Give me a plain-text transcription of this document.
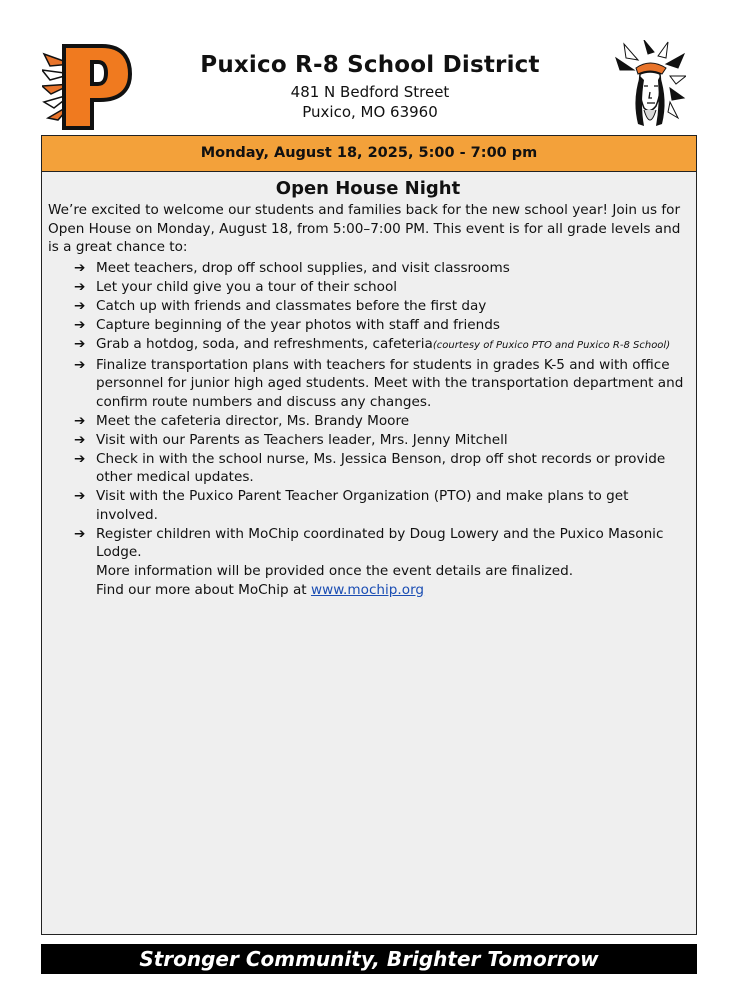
Puxico R-8 School District
481 N Bedford Street
Puxico, MO 63960
Monday, August 18, 2025, 5:00 - 7:00 pm
Open House Night

We’re excited to welcome our students and families back for the new school year! Join us for Open House on Monday, August 18, from 5:00–7:00 PM. This event is for all grade levels and is a great chance to:

➔ Meet teachers, drop off school supplies, and visit classrooms
➔ Let your child give you a tour of their school
➔ Catch up with friends and classmates before the first day
➔ Capture beginning of the year photos with staff and friends
➔ Grab a hotdog, soda, and refreshments, cafeteria(courtesy of Puxico PTO and Puxico R-8 School)
➔ Finalize transportation plans with teachers for students in grades K-5 and with office personnel for junior high aged students. Meet with the transportation department and confirm route numbers and discuss any changes.
➔ Meet the cafeteria director, Ms. Brandy Moore
➔ Visit with our Parents as Teachers leader, Mrs. Jenny Mitchell
➔ Check in with the school nurse, Ms. Jessica Benson, drop off shot records or provide other medical updates.
➔ Visit with the Puxico Parent Teacher Organization (PTO) and make plans to get involved.
➔ Register children with MoChip coordinated by Doug Lowery and the Puxico Masonic Lodge.
More information will be provided once the event details are finalized.
Find our more about MoChip at www.mochip.org
Stronger Community, Brighter Tomorrow
